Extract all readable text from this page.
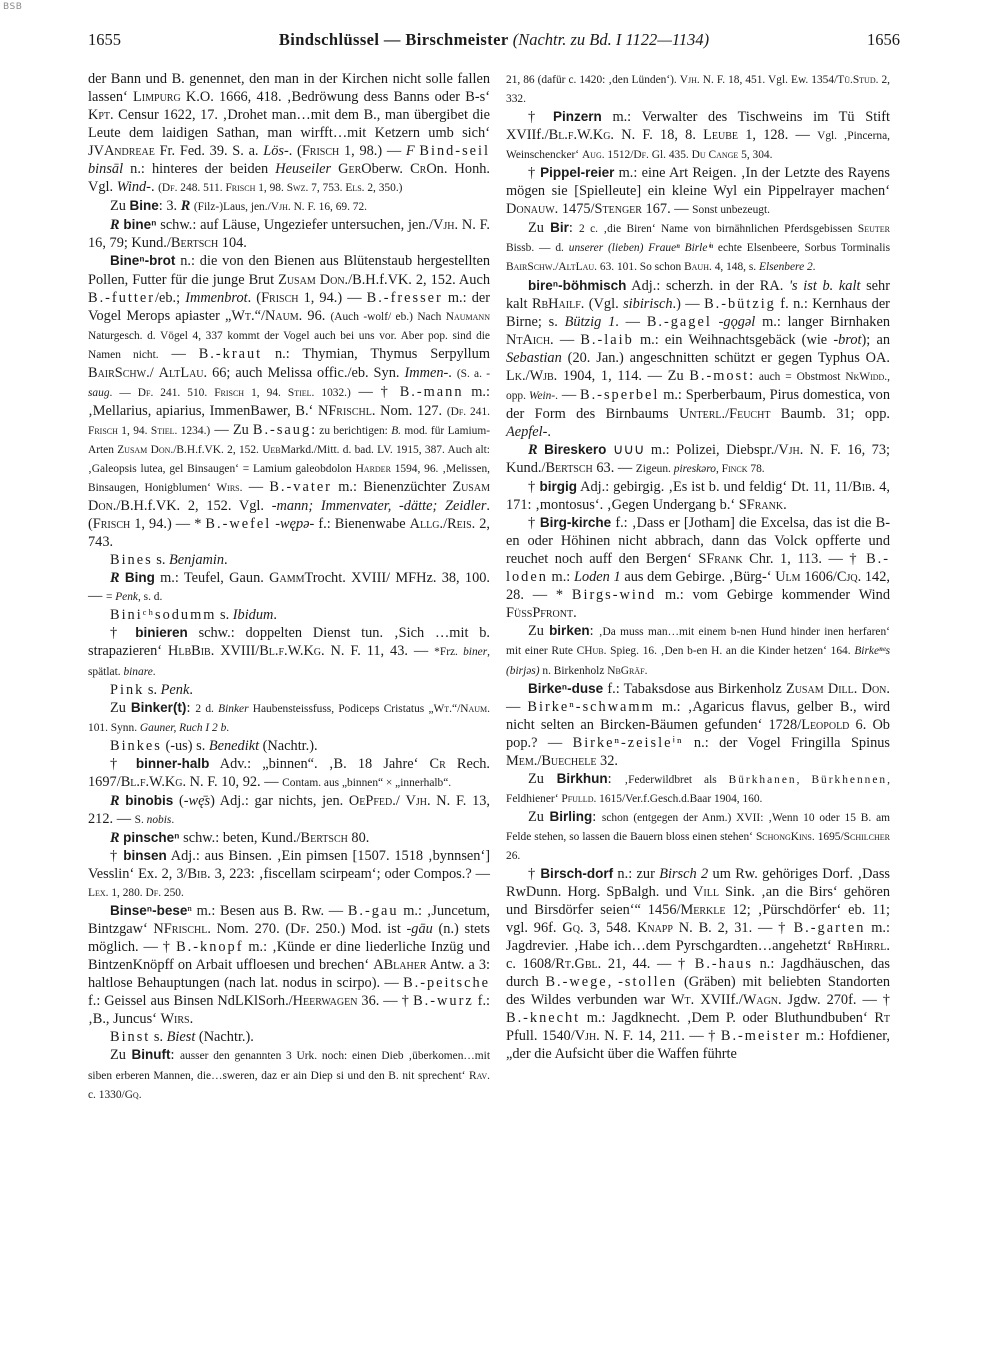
BSB
1655	Bindschlüssel — Birschmeister (Nachtr. zu Bd. I 1122—1134)	1656

der Bann und B. genennet, den man in der Kirchen nicht solle fallen lassen‘ Limpurg K.O. 1666, 418. ‚Bedröwung dess Banns oder B-s‘ Kpt. Censur 1622, 17. ‚Drohet man…mit dem B., man übergibet die Leute dem laidigen Sathan, man wirfft…mit Ketzern umb sich‘ JVAndreae Fr. Fed. 39. S. a. Lös-. (Frisch 1, 98.) — F Bind-seil binsāl n.: hinteres der beiden Heuseiler GerOberw. CrOn. Honh. Vgl. Wind-. (Df. 248. 511. Frisch 1, 98. Swz. 7, 753. Els. 2, 350.)

Zu Bine: 3. R (Filz-)Laus, jen./Vjh. N. F. 16, 69. 72.

R bineⁿ schw.: auf Läuse, Ungeziefer untersuchen, jen./Vjh. N. F. 16, 79; Kund./Bertsch 104.

Bineⁿ-brot n.: die von den Bienen aus Blütenstaub hergestellten Pollen, Futter für die junge Brut Zusam Don./B.H.f.VK. 2, 152. Auch B.-futter/eb.; Immenbrot. (Frisch 1, 94.) — B.-fresser m.: der Vogel Merops apiaster „Wt.“/Naum. 96. (Auch -wolf/ eb.) Nach Naumann Naturgesch. d. Vögel 4, 337 kommt der Vogel auch bei uns vor. Aber pop. sind die Namen nicht. — B.-kraut n.: Thymian, Thymus Serpyllum BairSchw./ AltLau. 66; auch Melissa offic./eb. Syn. Immen-. (S. a. -saug. — Df. 241. 510. Frisch 1, 94. Stiel. 1032.) — † B.-mann m.: ‚Mellarius, apiarius, ImmenBawer, B.‘ NFrischl. Nom. 127. (Df. 241. Frisch 1, 94. Stiel. 1234.) — Zu B.-saug: zu berichtigen: B. mod. für Lamium-Arten Zusam Don./B.H.f.VK. 2, 152. UebMarkd./Mitt. d. bad. LV. 1915, 387. Auch alt: ‚Galeopsis lutea, gel Binsaugen‘ = Lamium galeobdolon Harder 1594, 96. ‚Melissen, Binsaugen, Honigblumen‘ Wirs. — B.-vater m.: Bienenzüchter Zusam Don./B.H.f.VK. 2, 152. Vgl. -mann; Immenvater, -dätte; Zeidler. (Frisch 1, 94.) — * B.-wefel -wępə- f.: Bienenwabe Allg./Reis. 2, 743.

Bines s. Benjamin.

R Bing m.: Teufel, Gaun. GammTrocht. XVIII/ MFHz. 38, 100. — = Penk, s. d.

Biniᶜʰsodumm s. Ibidum.

† binieren schw.: doppelten Dienst tun. ‚Sich …mit b. strapazieren‘ HlbBib. XVIII/Bl.f.W.Kg. N. F. 11, 43. — *Frz. biner, spätlat. binare.

Pink s. Penk.

Zu Binker(t): 2 d. Binker Haubensteissfuss, Podiceps Cristatus „Wt.“/Naum. 101. Synn. Gauner, Ruch I 2 b.

Binkes (-us) s. Benedikt (Nachtr.).

† binner-halb Adv.: „binnen“. ‚B. 18 Jahre‘ Cr Rech. 1697/Bl.f.W.Kg. N. F. 10, 92. — Contam. aus „binnen“ × „innerhalb“.

R binobis (-wę̄s) Adj.: gar nichts, jen. OePfed./ Vjh. N. F. 13, 212. — S. nobis.

R pinscheⁿ schw.: beten, Kund./Bertsch 80.

† binsen Adj.: aus Binsen. ‚Ein pimsen [1507. 1518 ‚bynnsen‘] Vesslin‘ Ex. 2, 3/Bib. 3, 223: ‚fiscellam scirpeam‘; oder Compos.? — Lex. 1, 280. Df. 250.

Binseⁿ-beseⁿ m.: Besen aus B. Rw. — B.-gau m.: ‚Juncetum, Bintzgaw‘ NFrischl. Nom. 270. (Df. 250.) Mod. ist -gāu (n.) stets möglich. — † B.-knopf m.: ‚Künde er dine liederliche Inzüg und BintzenKnöpff on Arbait uffloesen und brechen‘ ABlaher Antw. a 3: haltlose Behauptungen (nach lat. nodus in scirpo). — B.-peitsche f.: Geissel aus Binsen NdLKlSorh./Heerwagen 36. — † B.-wurz f.: ‚B., Juncus‘ Wirs.

Binst s. Biest (Nachtr.).

Zu Binuft: ausser den genannten 3 Urk. noch: einen Dieb ‚überkomen…mit siben erberen Mannen, die…sweren, daz er ain Diep si und den B. nit sprechent‘ Rav. c. 1330/Gq.

21, 86 (dafür c. 1420: ‚den Lünden‘). Vjh. N. F. 18, 451. Vgl. Ew. 1354/Tü.Stud. 2, 332.

† Pinzern m.: Verwalter des Tischweins im Tü Stift XVIIf./Bl.f.W.Kg. N. F. 18, 8. Leube 1, 128. — Vgl. ‚Pincerna, Weinschencker‘ Aug. 1512/Df. Gl. 435. Du Cange 5, 304.

† Pippel-reier m.: eine Art Reigen. ‚In der Letzte des Rayens mögen sie [Spielleute] ein kleine Wyl ein Pippelrayer machen‘ Donauw. 1475/Stenger 167. — Sonst unbezeugt.

Zu Bir: 2 c. ‚die Biren‘ Name von birnähnlichen Pferdsgebissen Seuter Bissb. — d. unserer (lieben) Fraueⁿ Birleⁱⁿ echte Elsenbeere, Sorbus Torminalis BairSchw./AltLau. 63. 101. So schon Bauh. 4, 148, s. Elsenbere 2.

bireⁿ-böhmisch Adj.: scherzh. in der RA. 's ist b. kalt sehr kalt RbHailf. (Vgl. sibirisch.) — B.-bützig f. n.: Kernhaus der Birne; s. Bützig 1. — B.-gagel -gǫgəl m.: langer Birnhaken NtAich. — B.-laib m.: ein Weihnachtsgebäck (wie -brot); an Sebastian (20. Jan.) angeschnitten schützt er gegen Typhus OA. Lk./Wjb. 1904, 1, 114. — Zu B.-most: auch = Obstmost NkWidd., opp. Wein-. — B.-sperbel m.: Sperberbaum, Pirus domestica, von der Form des Birnbaums Unterl./Feucht Baumb. 31; opp. Aepfel-.

R Bireskero ∪∪∪ m.: Polizei, Diebspr./Vjh. N. F. 16, 73; Kund./Bertsch 63. — Zigeun. pireskəro, Finck 78.

† birgig Adj.: gebirgig. ‚Es ist b. und feldig‘ Dt. 11, 11/Bib. 4, 171: ‚montosus‘. ‚Gegen Undergang b.‘ SFrank.

† Birg-kirche f.: ‚Dass er [Jotham] die Excelsa, das ist die B-en oder Höhinen nicht abbrach, dann das Volck opfferte und reuchet noch auff den Bergen‘ SFrank Chr. 1, 113. — † B.-loden m.: Loden 1 aus dem Gebirge. ‚Bürg-‘ Ulm 1606/Cjq. 142, 28. — * Birgs-wind m.: vom Gebirge kommender Wind FüssPfront.

Zu birken: ‚Da muss man…mit einem b-nen Hund hinder inen herfaren‘ mit einer Rute CHub. Spieg. 16. ‚Den b-en H. an die Kinder hetzen‘ 164. Birkeⁿᵉs (birjəs) n. Birkenholz NbGräf.

Birkeⁿ-duse f.: Tabaksdose aus Birkenholz Zusam Dill. Don. — Birkeⁿ-schwamm m.: ‚Agaricus flavus, gelber B., wird nicht selten an Bircken-Bäumen gefunden‘ 1728/Leopold 6. Ob pop.? — Birkeⁿ-zeisleⁱⁿ n.: der Vogel Fringilla Spinus Mem./Buechele 32.

Zu Birkhun: ‚Federwildbret als Bürkhanen, Bürkhennen, Feldhiener‘ Pfulld. 1615/Ver.f.Gesch.d.Baar 1904, 160.

Zu Birling: schon (entgegen der Anm.) XVII: ‚Wenn 10 oder 15 B. am Felde stehen, so lassen die Bauern bloss einen stehen‘ SchongKins. 1695/Schilcher 26.

† Birsch-dorf n.: zur Birsch 2 um Rw. gehöriges Dorf. ‚Dass RwDunn. Horg. SpBalgh. und Vill Sink. ‚an die Birs‘ gehören und Birsdörfer seien‘“ 1456/Merkle 12; ‚Pürschdörfer‘ eb. 11; vgl. 96f. Gq. 3, 548. Knapp N. B. 2, 31. — † B.-garten m.: Jagdrevier. ‚Habe ich…dem Pyrschgardten…angehetzt‘ RbHirrl. c. 1608/Rt.Gbl. 21, 44. — † B.-haus n.: Jagdhäuschen, das durch B.-wege, -stollen (Gräben) mit beliebten Standorten des Wildes verbunden war Wt. XVIIf./Wagn. Jgdw. 270f. — † B.-knecht m.: Jagdknecht. ‚Dem P. oder Bluthundbuben‘ Rt Pfull. 1540/Vjh. N. F. 14, 211. — † B.-meister m.: Hofdiener, „der die Aufsicht über die Waffen führte
